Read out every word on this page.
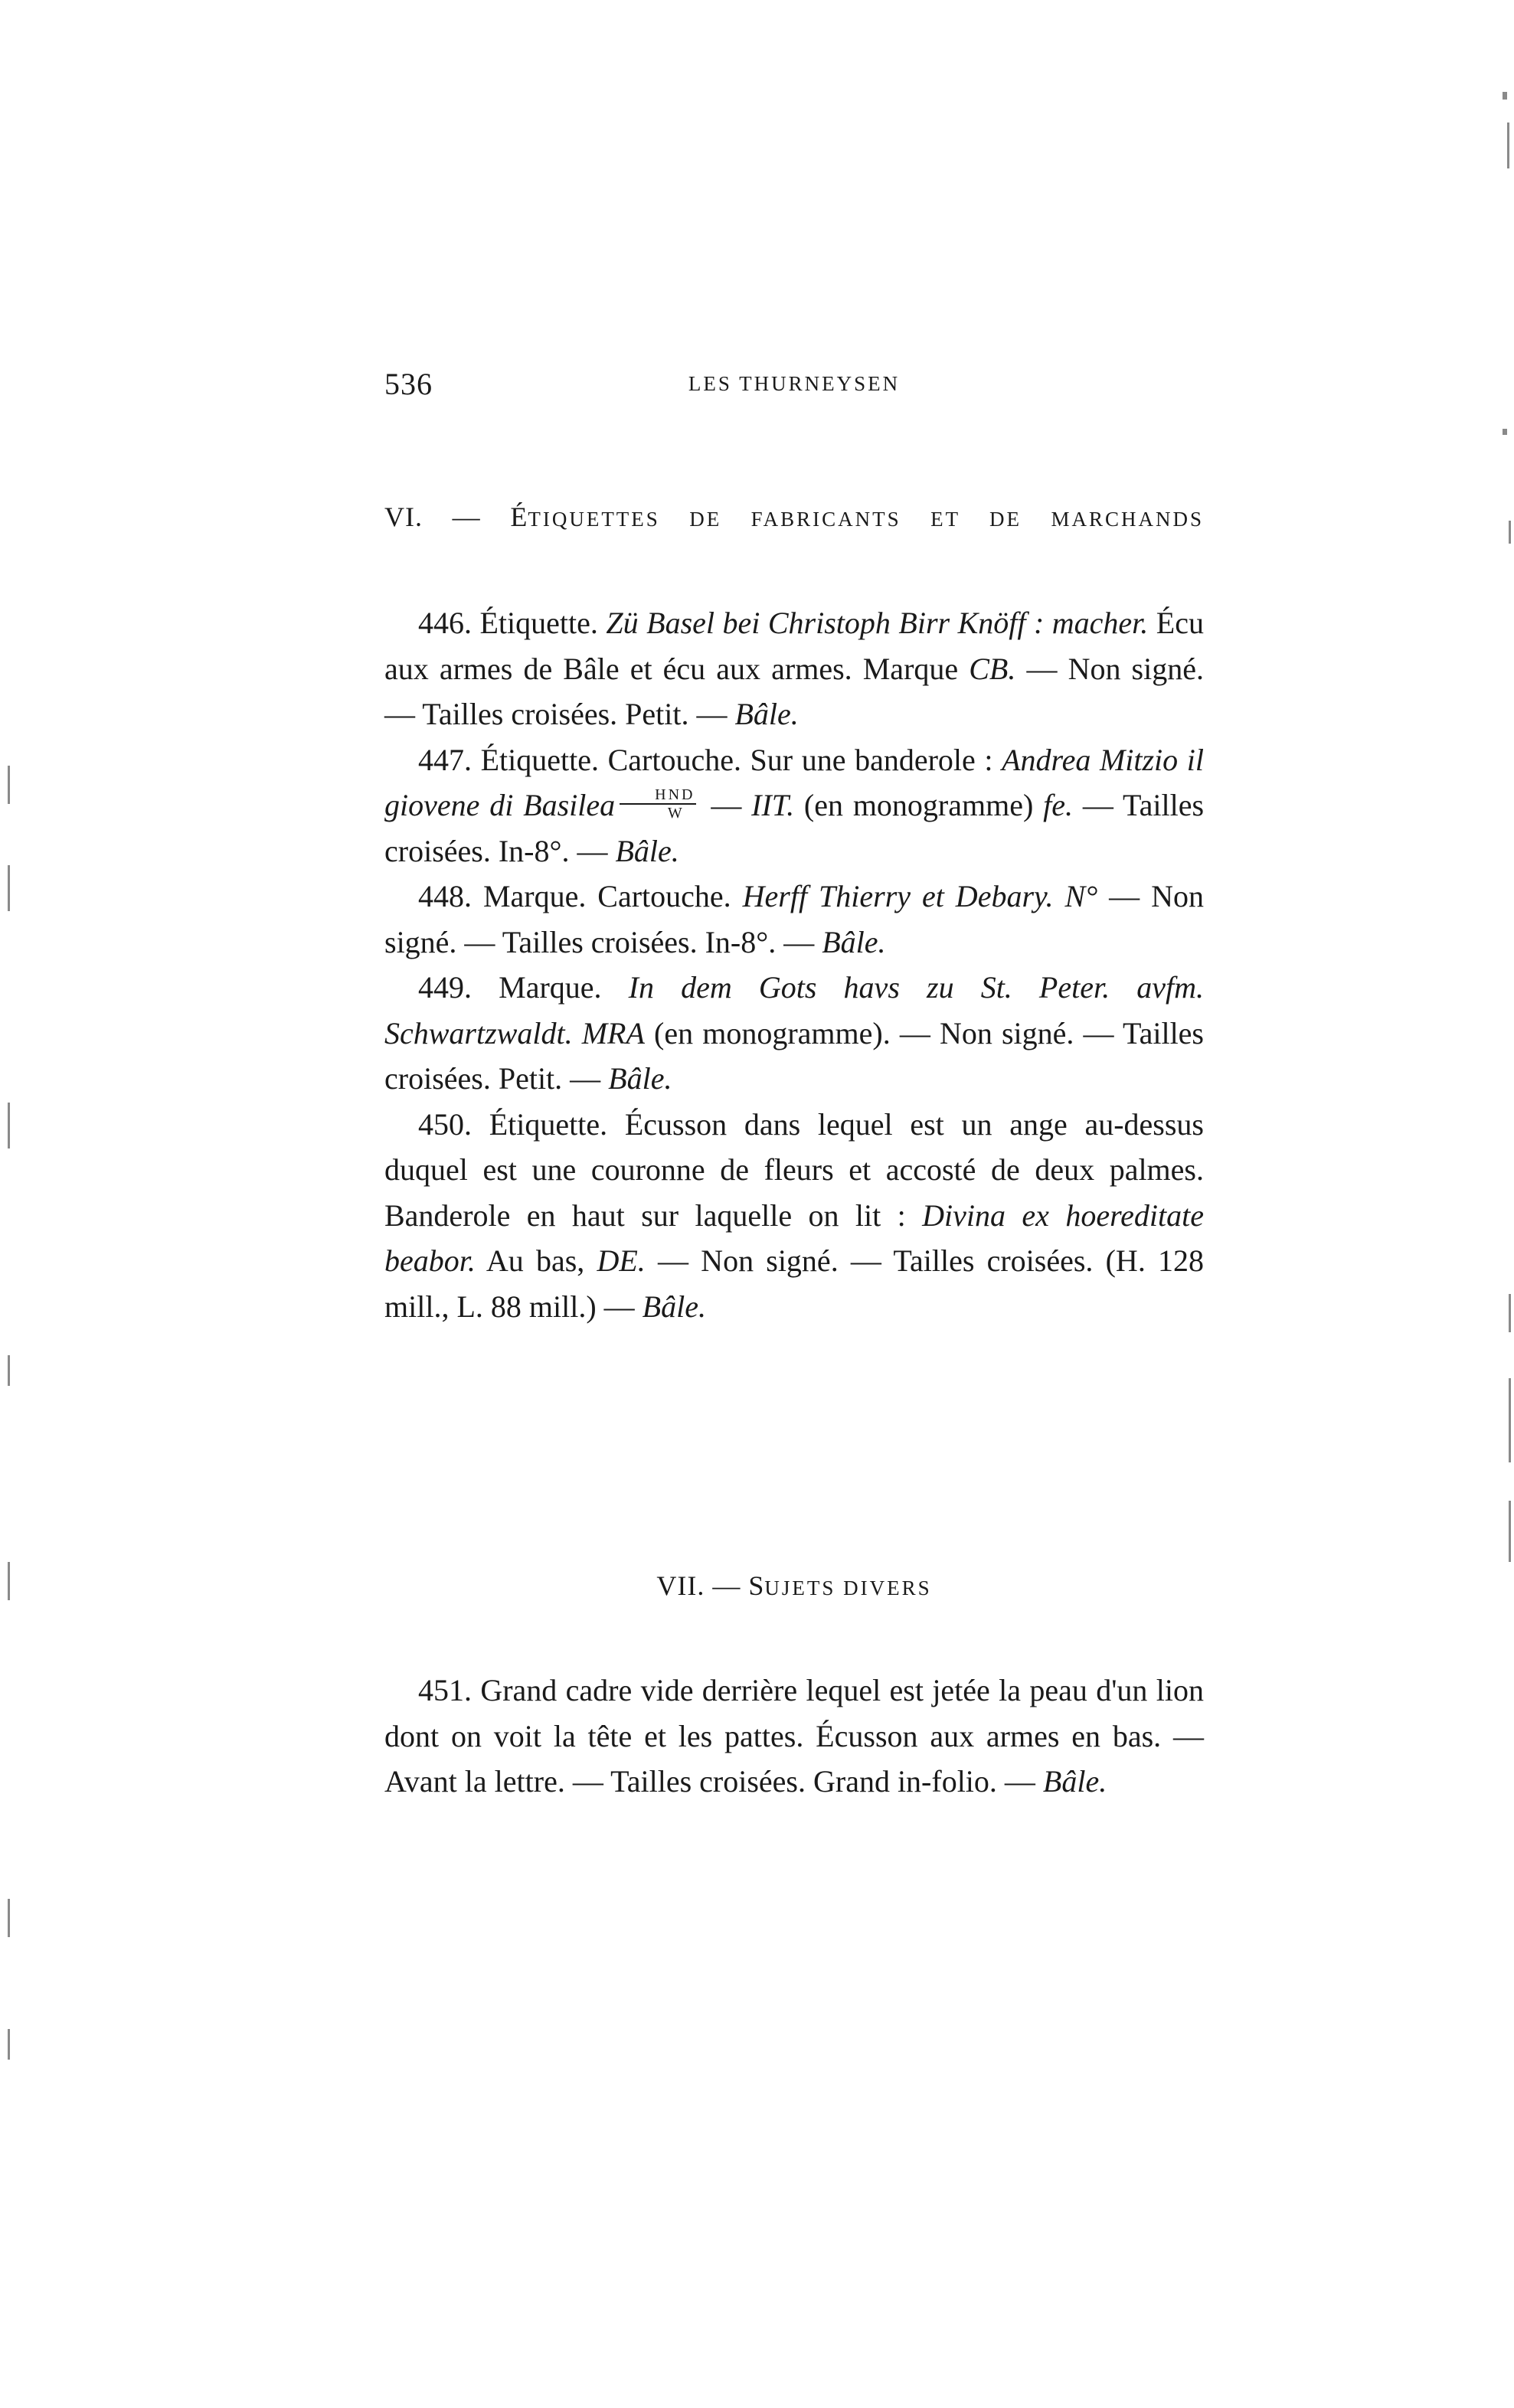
536	LES THURNEYSEN
VI. — ÉTIQUETTES DE FABRICANTS ET DE MARCHANDS

446. Étiquette. Zü Basel bei Christoph Birr Knöff : macher. Écu aux armes de Bâle et écu aux armes. Marque CB. — Non signé. — Tailles croisées. Petit. — Bâle.

447. Étiquette. Cartouche. Sur une banderole : Andrea Mitzio il giovene di Basilea $\frac{\text{HND}}{W}$ — IIT. (en monogramme) fe. — Tailles croisées. In-8°. — Bâle.

448. Marque. Cartouche. Herff Thierry et Debary. N° — Non signé. — Tailles croisées. In-8°. — Bâle.

449. Marque. In dem Gots havs zu St. Peter. avfm. Schwartzwaldt. MRA (en monogramme). — Non signé. — Tailles croisées. Petit. — Bâle.

450. Étiquette. Écusson dans lequel est un ange au-dessus duquel est une couronne de fleurs et accosté de deux palmes. Banderole en haut sur laquelle on lit : Divina ex hoereditate beabor. Au bas, DE. — Non signé. — Tailles croisées. (H. 128 mill., L. 88 mill.) — Bâle.

VII. — SUJETS DIVERS

451. Grand cadre vide derrière lequel est jetée la peau d'un lion dont on voit la tête et les pattes. Écusson aux armes en bas. — Avant la lettre. — Tailles croisées. Grand in-folio. — Bâle.
